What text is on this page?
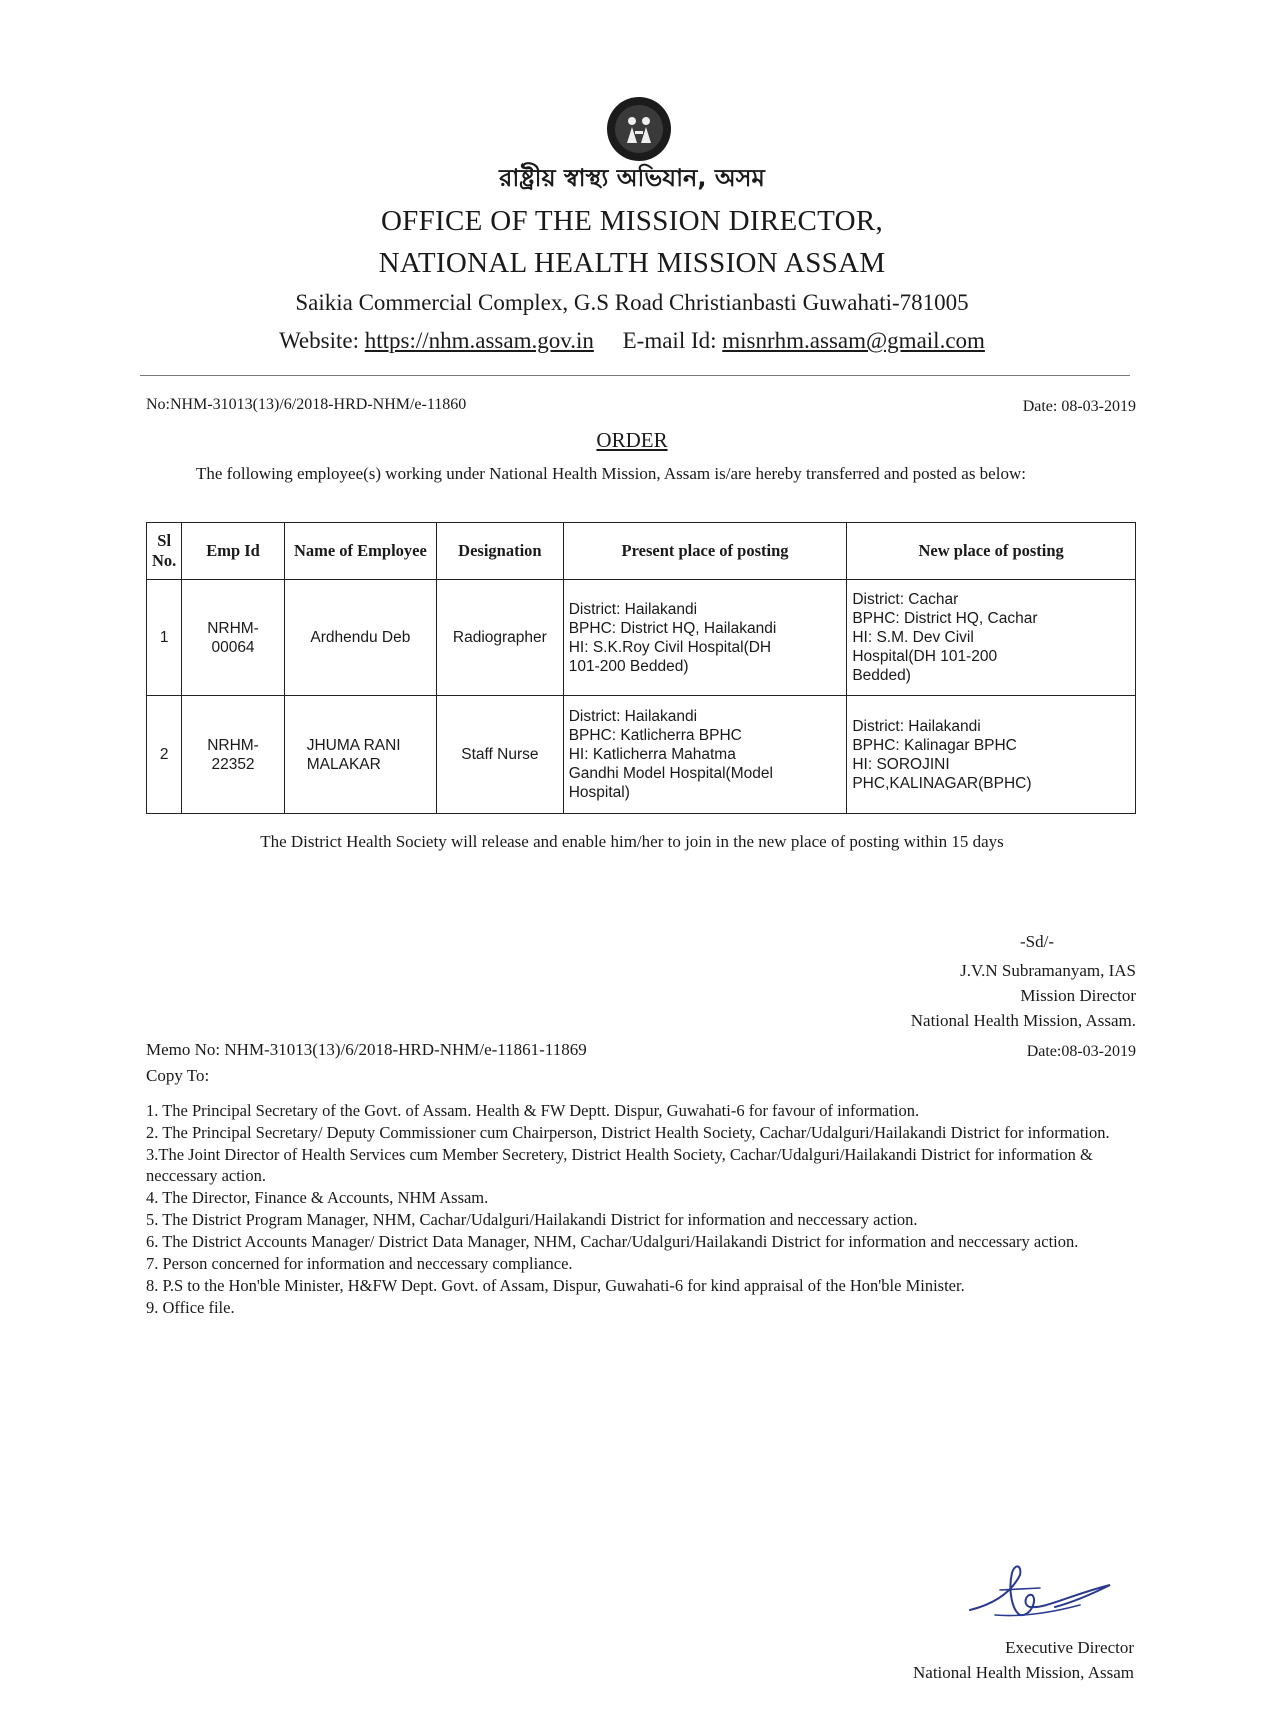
রাষ্ট্রীয় স্বাস্থ্য অভিযান, অসম
OFFICE OF THE MISSION DIRECTOR,
NATIONAL HEALTH MISSION ASSAM
Saikia Commercial Complex, G.S Road Christianbasti Guwahati-781005
Website: https://nhm.assam.gov.in E-mail Id: misnrhm.assam@gmail.com
No:NHM-31013(13)/6/2018-HRD-NHM/e-11860	Date: 08-03-2019
ORDER
The following employee(s) working under National Health Mission, Assam is/are hereby transferred and posted as below:
Sl No.	Emp Id	Name of Employee	Designation	Present place of posting	New place of posting
1	NRHM-00064	Ardhendu Deb	Radiographer	District: Hailakandi
BPHC: District HQ, Hailakandi
HI: S.K.Roy Civil Hospital(DH
101-200 Bedded)	District: Cachar
BPHC: District HQ, Cachar
HI: S.M. Dev Civil
Hospital(DH 101-200
Bedded)

2	NRHM-22352	JHUMA RANI MALAKAR	Staff Nurse	District: Hailakandi
BPHC: Katlicherra BPHC
HI: Katlicherra Mahatma
Gandhi Model Hospital(Model
Hospital)	District: Hailakandi
BPHC: Kalinagar BPHC
HI: SOROJINI
PHC,KALINAGAR(BPHC)
The District Health Society will release and enable him/her to join in the new place of posting within 15 days
-Sd/-
J.V.N Subramanyam, IAS
Mission Director
National Health Mission, Assam.
Memo No: NHM-31013(13)/6/2018-HRD-NHM/e-11861-11869	Date:08-03-2019
Copy To:
1. The Principal Secretary of the Govt. of Assam. Health & FW Deptt. Dispur, Guwahati-6 for favour of information.
2. The Principal Secretary/ Deputy Commissioner cum Chairperson, District Health Society, Cachar/Udalguri/Hailakandi District for information.
3.The Joint Director of Health Services cum Member Secretery, District Health Society, Cachar/Udalguri/Hailakandi District for information & neccessary action.
4. The Director, Finance & Accounts, NHM Assam.
5. The District Program Manager, NHM, Cachar/Udalguri/Hailakandi District for information and neccessary action.
6. The District Accounts Manager/ District Data Manager, NHM, Cachar/Udalguri/Hailakandi District for information and neccessary action.
7. Person concerned for information and neccessary compliance.
8. P.S to the Hon'ble Minister, H&FW Dept. Govt. of Assam, Dispur, Guwahati-6 for kind appraisal of the Hon'ble Minister.
9. Office file.
Executive Director
National Health Mission, Assam
